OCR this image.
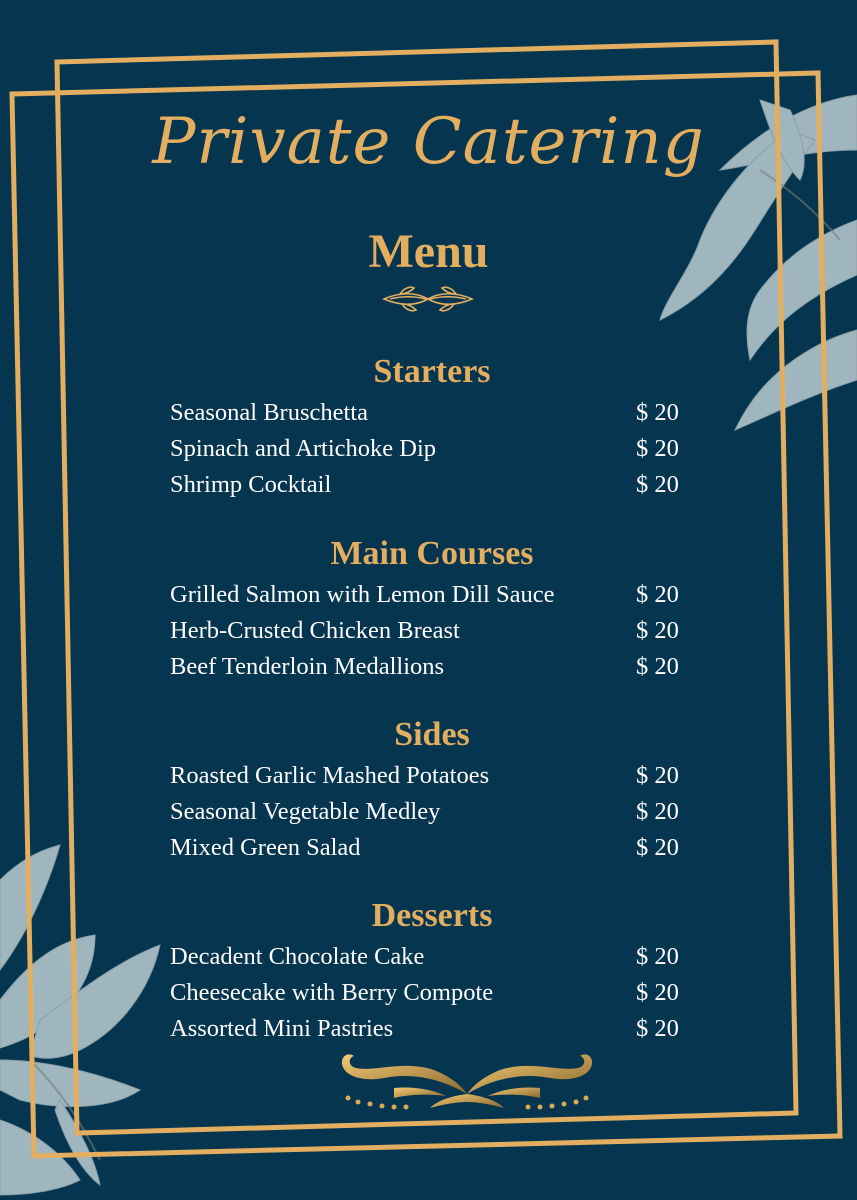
Private Catering
Menu
Starters
Seasonal Bruschetta	$ 20
Spinach and Artichoke Dip	$ 20
Shrimp Cocktail	$ 20
Main Courses
Grilled Salmon with Lemon Dill Sauce	$ 20
Herb-Crusted Chicken Breast	$ 20
Beef Tenderloin Medallions	$ 20
Sides
Roasted Garlic Mashed Potatoes	$ 20
Seasonal Vegetable Medley	$ 20
Mixed Green Salad	$ 20
Desserts
Decadent Chocolate Cake	$ 20
Cheesecake with Berry Compote	$ 20
Assorted Mini Pastries	$ 20
